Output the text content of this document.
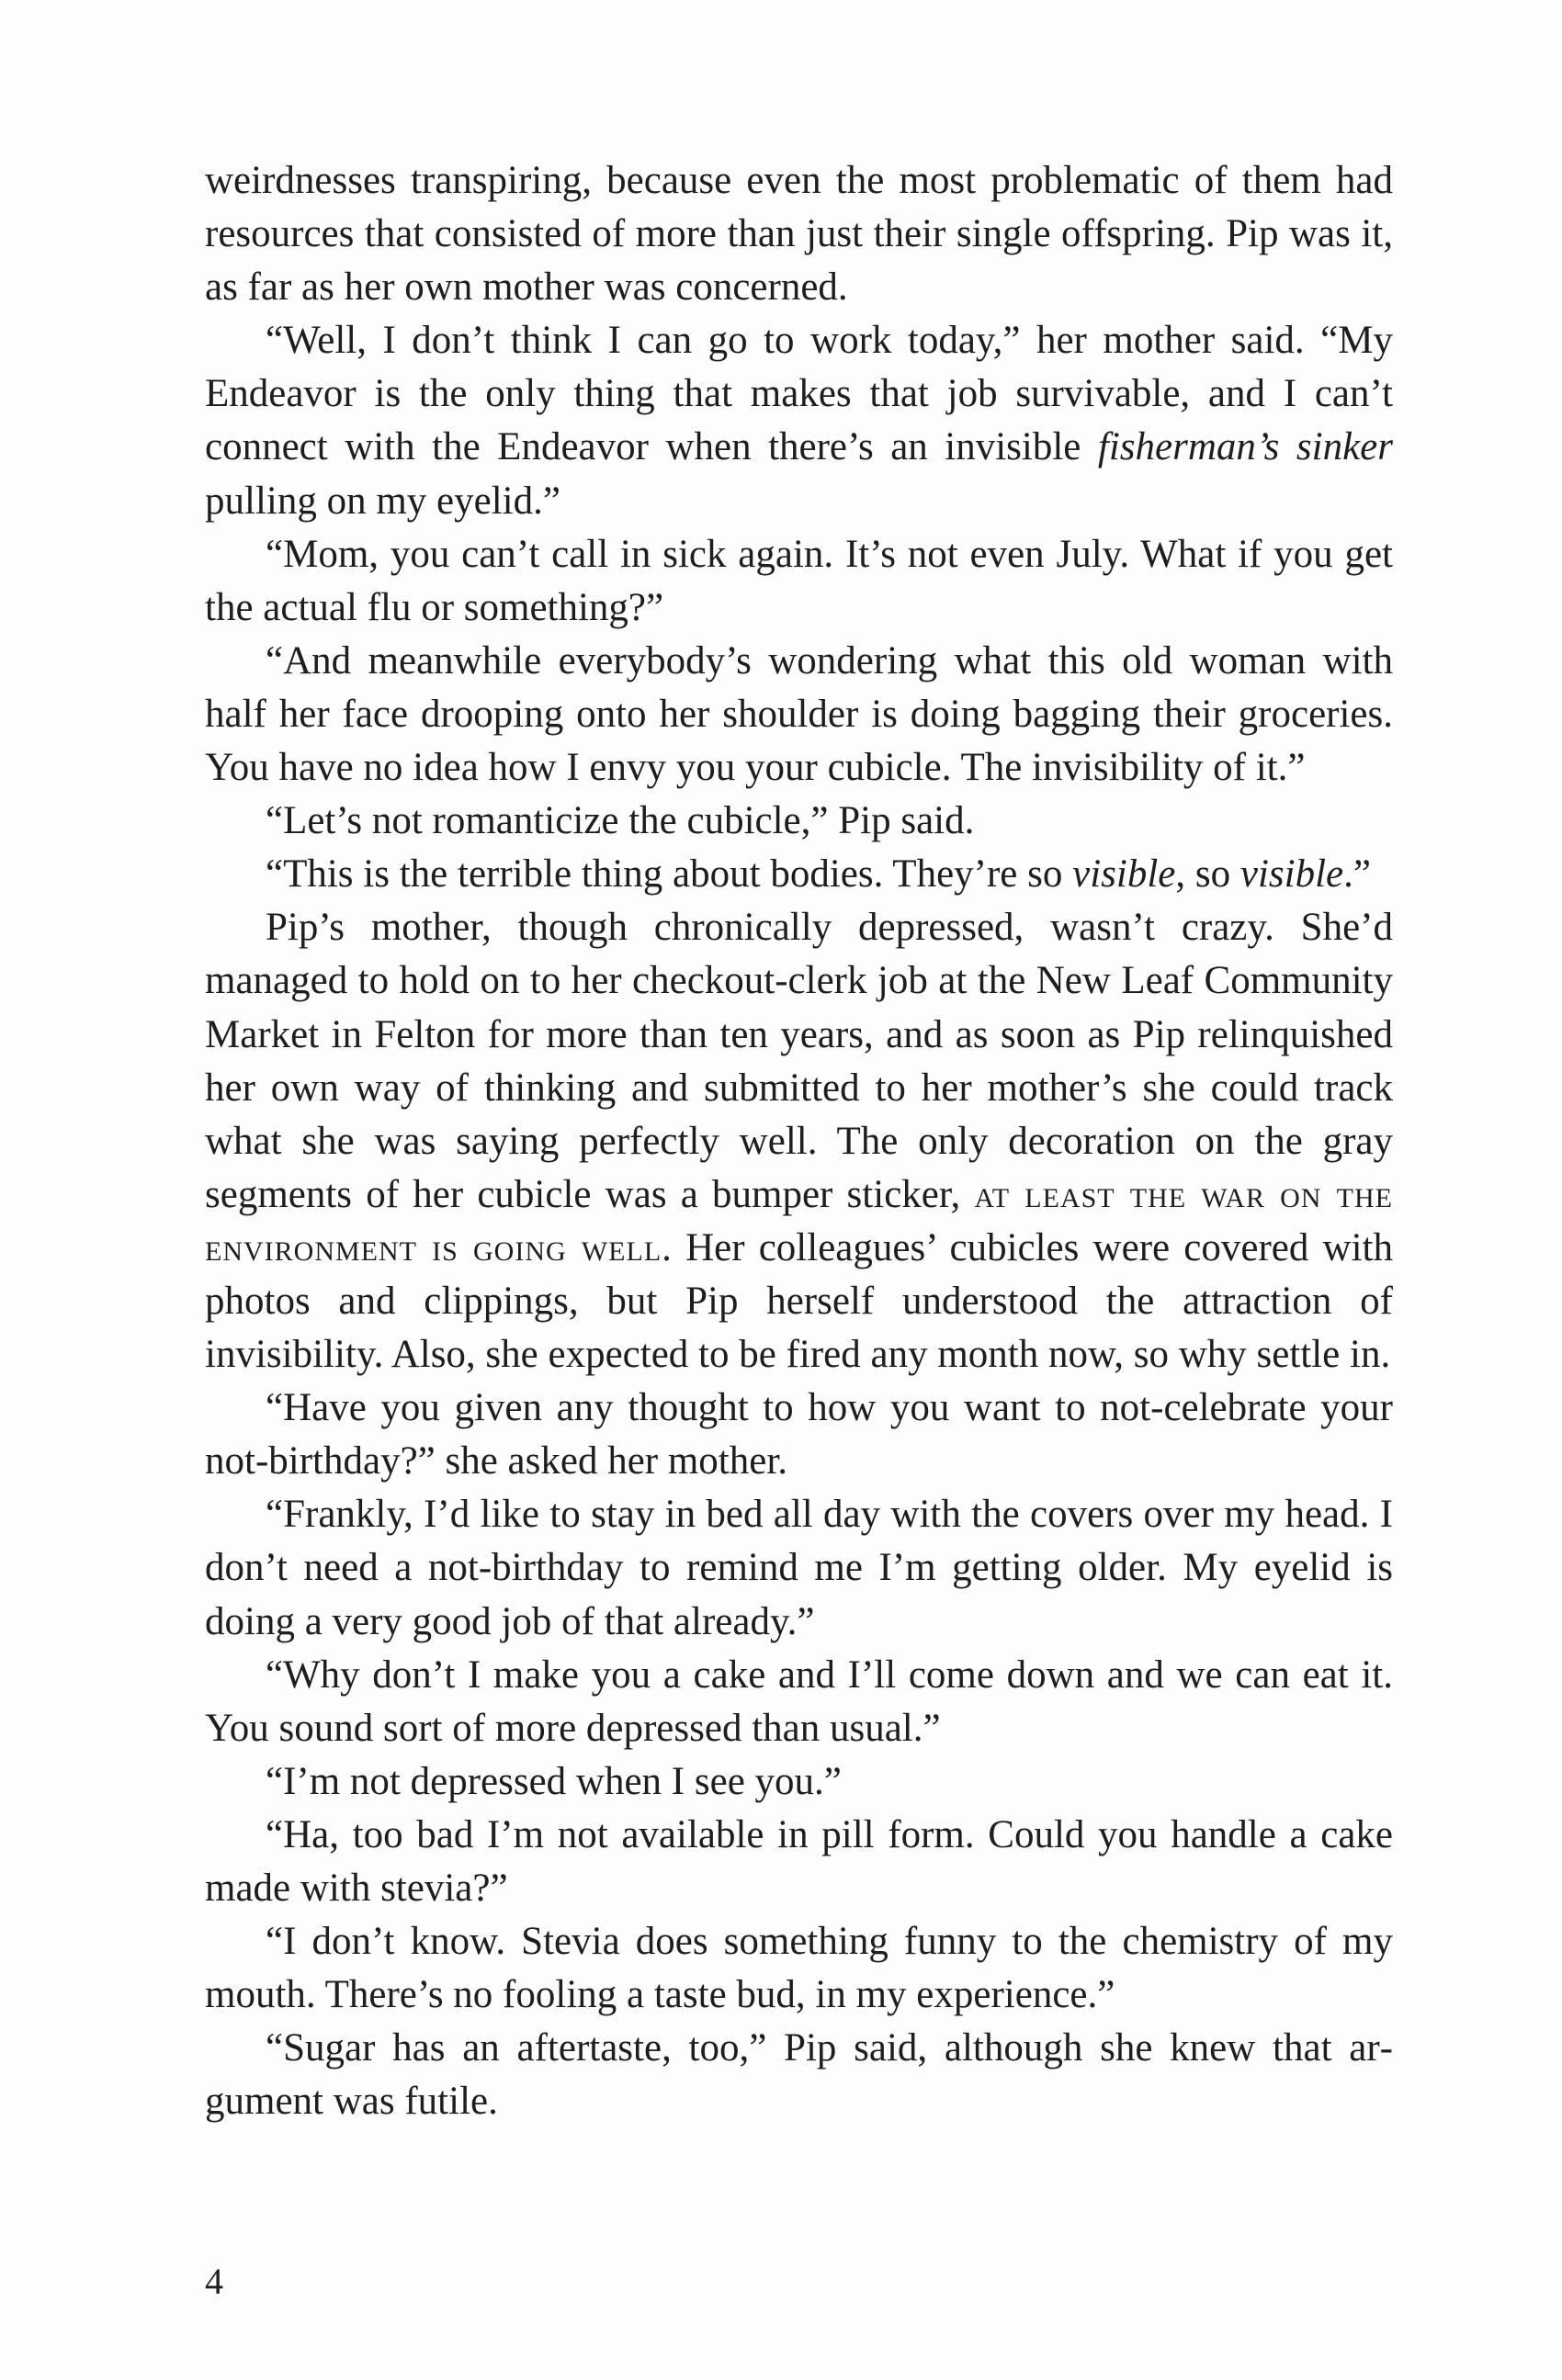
weirdnesses transpiring, because even the most problematic of them had resources that consisted of more than just their single offspring. Pip was it, as far as her own mother was concerned.

“Well, I don’t think I can go to work today,” her mother said. “My Endeavor is the only thing that makes that job survivable, and I can’t connect with the Endeavor when there’s an invisible fisherman’s sinker pulling on my eyelid.”

“Mom, you can’t call in sick again. It’s not even July. What if you get the actual flu or something?”

“And meanwhile everybody’s wondering what this old woman with half her face drooping onto her shoulder is doing bagging their groceries. You have no idea how I envy you your cubicle. The invisibility of it.”

“Let’s not romanticize the cubicle,” Pip said.

“This is the terrible thing about bodies. They’re so visible, so visible.”

Pip’s mother, though chronically depressed, wasn’t crazy. She’d managed to hold on to her checkout-clerk job at the New Leaf Community Market in Felton for more than ten years, and as soon as Pip relinquished her own way of thinking and submitted to her mother’s she could track what she was saying perfectly well. The only decoration on the gray segments of her cubicle was a bumper sticker, at least the war on the environment is going well. Her colleagues’ cubicles were covered with photos and clippings, but Pip herself understood the attraction of invisibility. Also, she expected to be fired any month now, so why settle in.

“Have you given any thought to how you want to not-celebrate your not-birthday?” she asked her mother.

“Frankly, I’d like to stay in bed all day with the covers over my head. I don’t need a not-birthday to remind me I’m getting older. My eyelid is doing a very good job of that already.”

“Why don’t I make you a cake and I’ll come down and we can eat it. You sound sort of more depressed than usual.”

“I’m not depressed when I see you.”

“Ha, too bad I’m not available in pill form. Could you handle a cake made with stevia?”

“I don’t know. Stevia does something funny to the chemistry of my mouth. There’s no fooling a taste bud, in my experience.”

“Sugar has an aftertaste, too,” Pip said, although she knew that argument was futile.

4
